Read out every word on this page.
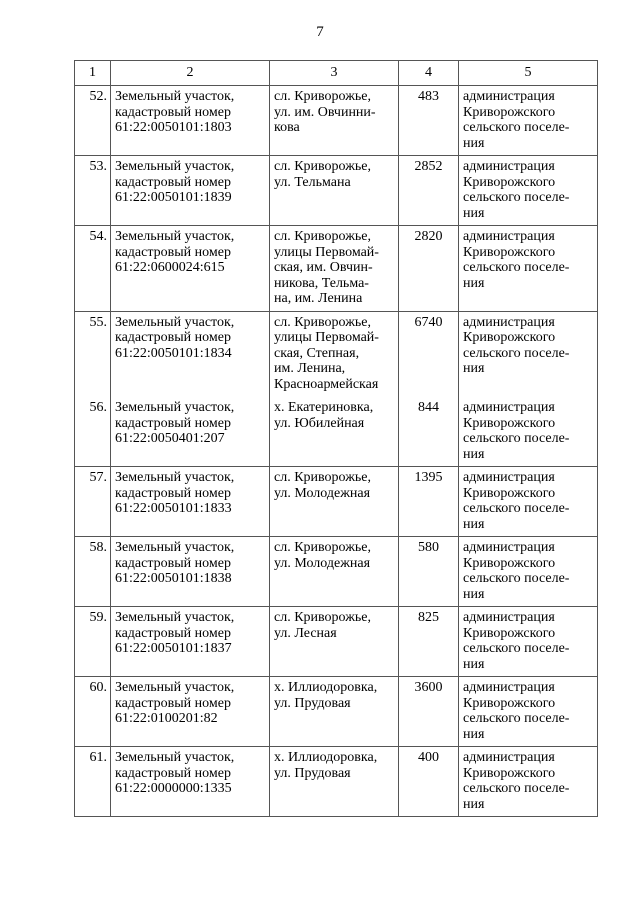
7
1	2	3	4	5
52.	Земельный участок,
кадастровый номер
61:22:0050101:1803	сл. Криворожье,
ул. им. Овчинни-
кова	483	администрация
Криворожского
сельского поселе-
ния

53.	Земельный участок,
кадастровый номер
61:22:0050101:1839	сл. Криворожье,
ул. Тельмана	2852	администрация
Криворожского
сельского поселе-
ния

54.	Земельный участок,
кадастровый номер
61:22:0600024:615	сл. Криворожье,
улицы Первомай-
ская, им. Овчин-
никова, Тельма-
на, им. Ленина	2820	администрация
Криворожского
сельского поселе-
ния

55.	Земельный участок,
кадастровый номер
61:22:0050101:1834	сл. Криворожье,
улицы Первомай-
ская, Степная,
им. Ленина,
Красноармейская	6740	администрация
Криворожского
сельского поселе-
ния

56.	Земельный участок,
кадастровый номер
61:22:0050401:207	х. Екатериновка,
ул. Юбилейная	844	администрация
Криворожского
сельского поселе-
ния

57.	Земельный участок,
кадастровый номер
61:22:0050101:1833	сл. Криворожье,
ул. Молодежная	1395	администрация
Криворожского
сельского поселе-
ния

58.	Земельный участок,
кадастровый номер
61:22:0050101:1838	сл. Криворожье,
ул. Молодежная	580	администрация
Криворожского
сельского поселе-
ния

59.	Земельный участок,
кадастровый номер
61:22:0050101:1837	сл. Криворожье,
ул. Лесная	825	администрация
Криворожского
сельского поселе-
ния

60.	Земельный участок,
кадастровый номер
61:22:0100201:82	х. Иллиодоровка,
ул. Прудовая	3600	администрация
Криворожского
сельского поселе-
ния

61.	Земельный участок,
кадастровый номер
61:22:0000000:1335	х. Иллиодоровка,
ул. Прудовая	400	администрация
Криворожского
сельского поселе-
ния
